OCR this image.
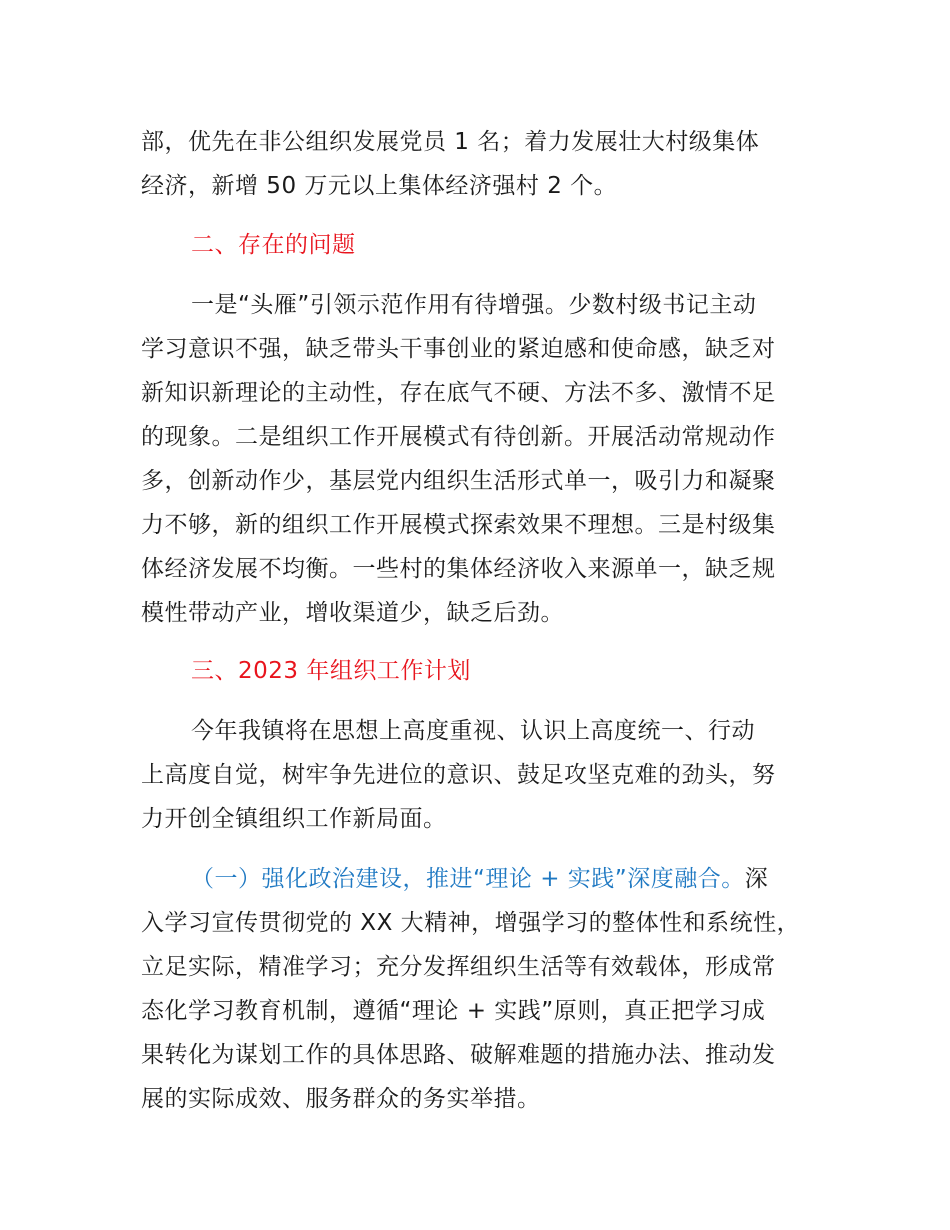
部，优先在非公组织发展党员 1 名；着力发展壮大村级集体
经济，新增 50 万元以上集体经济强村 2 个。
二、存在的问题
一是“头雁”引领示范作用有待增强。少数村级书记主动
学习意识不强，缺乏带头干事创业的紧迫感和使命感，缺乏对
新知识新理论的主动性，存在底气不硬、方法不多、激情不足
的现象。二是组织工作开展模式有待创新。开展活动常规动作
多，创新动作少，基层党内组织生活形式单一，吸引力和凝聚
力不够，新的组织工作开展模式探索效果不理想。三是村级集
体经济发展不均衡。一些村的集体经济收入来源单一，缺乏规
模性带动产业，增收渠道少，缺乏后劲。
三、2023 年组织工作计划
今年我镇将在思想上高度重视、认识上高度统一、行动
上高度自觉，树牢争先进位的意识、鼓足攻坚克难的劲头，努
力开创全镇组织工作新局面。
（一）强化政治建设，推进“理论 + 实践”深度融合。深
入学习宣传贯彻党的 XX 大精神，增强学习的整体性和系统性，
立足实际，精准学习；充分发挥组织生活等有效载体，形成常
态化学习教育机制，遵循“理论 + 实践”原则，真正把学习成
果转化为谋划工作的具体思路、破解难题的措施办法、推动发
展的实际成效、服务群众的务实举措。
